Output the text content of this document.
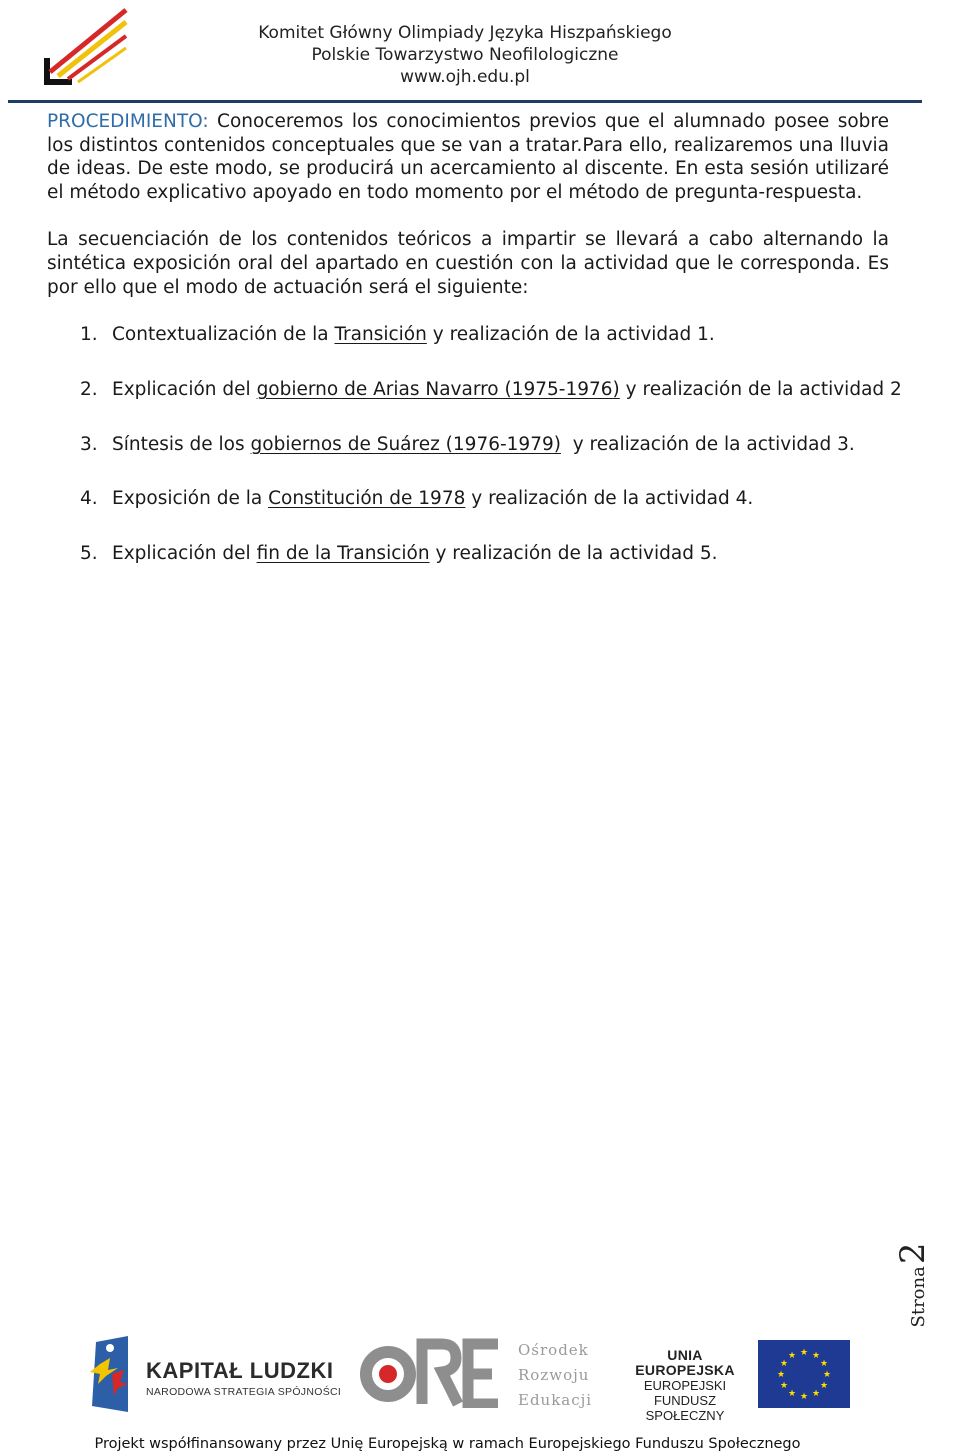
Komitet Główny Olimpiady Języka Hiszpańskiego
Polskie Towarzystwo Neofilologiczne
www.ojh.edu.pl

PROCEDIMIENTO: Conoceremos los conocimientos previos que el alumnado posee sobre los distintos contenidos conceptuales que se van a tratar.Para ello, realizaremos una lluvia de ideas. De este modo, se producirá un acercamiento al discente. En esta sesión utilizaré el método explicativo apoyado en todo momento por el método de pregunta-respuesta.

La secuenciación de los contenidos teóricos a impartir se llevará a cabo alternando la sintética exposición oral del apartado en cuestión con la actividad que le corresponda. Es por ello que el modo de actuación será el siguiente:

1. Contextualización de la Transición y realización de la actividad 1.
2. Explicación del gobierno de Arias Navarro (1975-1976) y realización de la actividad 2
3. Síntesis de los gobiernos de Suárez (1976-1979)  y realización de la actividad 3.
4. Exposición de la Constitución de 1978 y realización de la actividad 4.
5. Explicación del fin de la Transición y realización de la actividad 5.
Strona
2
KAPITAŁ LUDZKI
NARODOWA STRATEGIA SPÓJNOŚCI
Ośrodek
Rozwoju
Edukacji
UNIA EUROPEJSKA
EUROPEJSKI
FUNDUSZ SPOŁECZNY
★ ★
★
★
★
★
★
★
★
★
★
★
Projekt współfinansowany przez Unię Europejską w ramach Europejskiego Funduszu Społecznego
